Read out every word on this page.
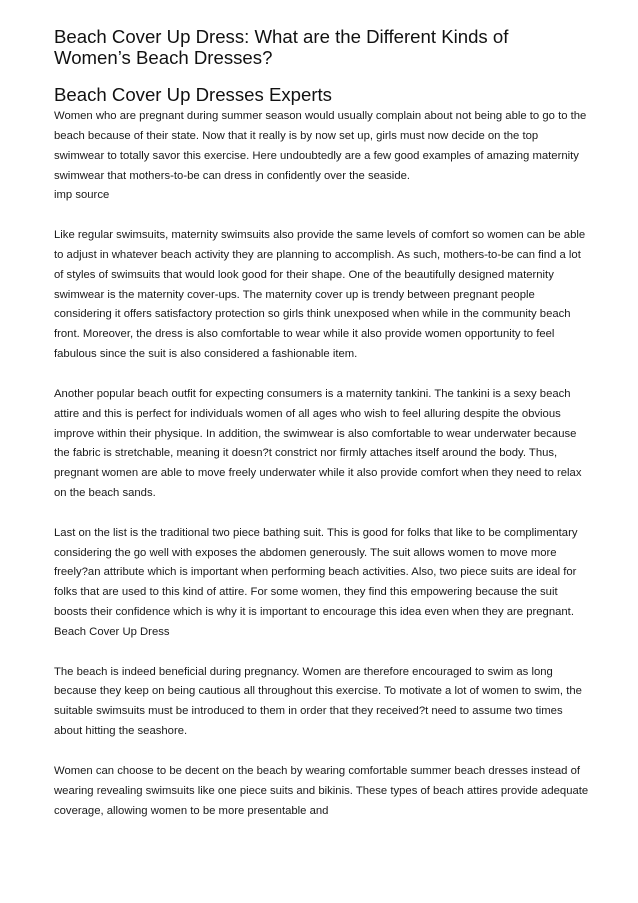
Beach Cover Up Dress: What are the Different Kinds of
Women’s Beach Dresses?
Beach Cover Up Dresses Experts
Women who are pregnant during summer season would usually complain about not being able to go to the beach because of their state. Now that it really is by now set up, girls must now decide on the top swimwear to totally savor this exercise. Here undoubtedly are a few good examples of amazing maternity swimwear that mothers-to-be can dress in confidently over the seaside.
imp source

Like regular swimsuits, maternity swimsuits also provide the same levels of comfort so women can be able to adjust in whatever beach activity they are planning to accomplish. As such, mothers-to-be can find a lot of styles of swimsuits that would look good for their shape. One of the beautifully designed maternity swimwear is the maternity cover-ups. The maternity cover up is trendy between pregnant people considering it offers satisfactory protection so girls think unexposed when while in the community beach front. Moreover, the dress is also comfortable to wear while it also provide women opportunity to feel fabulous since the suit is also considered a fashionable item.

Another popular beach outfit for expecting consumers is a maternity tankini. The tankini is a sexy beach attire and this is perfect for individuals women of all ages who wish to feel alluring despite the obvious improve within their physique. In addition, the swimwear is also comfortable to wear underwater because the fabric is stretchable, meaning it doesn?t constrict nor firmly attaches itself around the body. Thus, pregnant women are able to move freely underwater while it also provide comfort when they need to relax on the beach sands.

Last on the list is the traditional two piece bathing suit. This is good for folks that like to be complimentary considering the go well with exposes the abdomen generously. The suit allows women to move more freely?an attribute which is important when performing beach activities. Also, two piece suits are ideal for folks that are used to this kind of attire. For some women, they find this empowering because the suit boosts their confidence which is why it is important to encourage this idea even when they are pregnant.
Beach Cover Up Dress

The beach is indeed beneficial during pregnancy. Women are therefore encouraged to swim as long because they keep on being cautious all throughout this exercise. To motivate a lot of women to swim, the suitable swimsuits must be introduced to them in order that they received?t need to assume two times about hitting the seashore.

Women can choose to be decent on the beach by wearing comfortable summer beach dresses instead of wearing revealing swimsuits like one piece suits and bikinis. These types of beach attires provide adequate coverage, allowing women to be more presentable and
